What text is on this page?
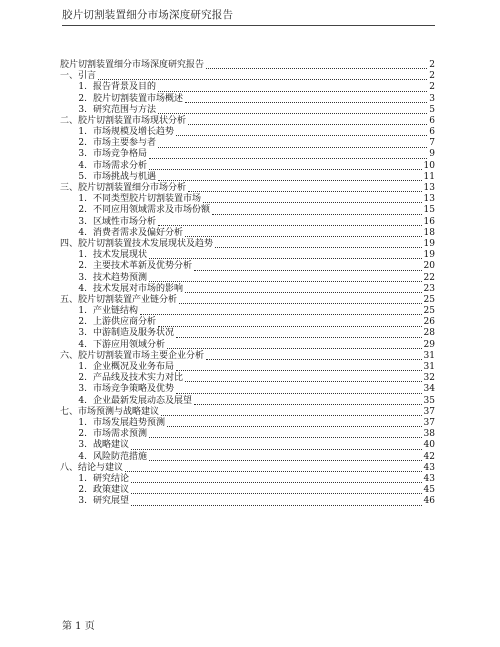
胶片切割装置细分市场深度研究报告
胶片切割装置细分市场深度研究报告	2
一、引言	2
1. 报告背景及目的	2
2. 胶片切割装置市场概述	3
3. 研究范围与方法	5
二、胶片切割装置市场现状分析	6
1. 市场规模及增长趋势	6
2. 市场主要参与者	7
3. 市场竞争格局	9
4. 市场需求分析	10
5. 市场挑战与机遇	11
三、胶片切割装置细分市场分析	13
1. 不同类型胶片切割装置市场	13
2. 不同应用领域需求及市场份额	15
3. 区域性市场分析	16
4. 消费者需求及偏好分析	18
四、胶片切割装置技术发展现状及趋势	19
1. 技术发展现状	19
2. 主要技术革新及优势分析	20
3. 技术趋势预测	22
4. 技术发展对市场的影响	23
五、胶片切割装置产业链分析	25
1. 产业链结构	25
2. 上游供应商分析	26
3. 中游制造及服务状况	28
4. 下游应用领域分析	29
六、胶片切割装置市场主要企业分析	31
1. 企业概况及业务布局	31
2. 产品线及技术实力对比	32
3. 市场竞争策略及优势	34
4. 企业最新发展动态及展望	35
七、市场预测与战略建议	37
1. 市场发展趋势预测	37
2. 市场需求预测	38
3. 战略建议	40
4. 风险防范措施	42
八、结论与建议	43
1. 研究结论	43
2. 政策建议	45
3. 研究展望	46
第 1 页
